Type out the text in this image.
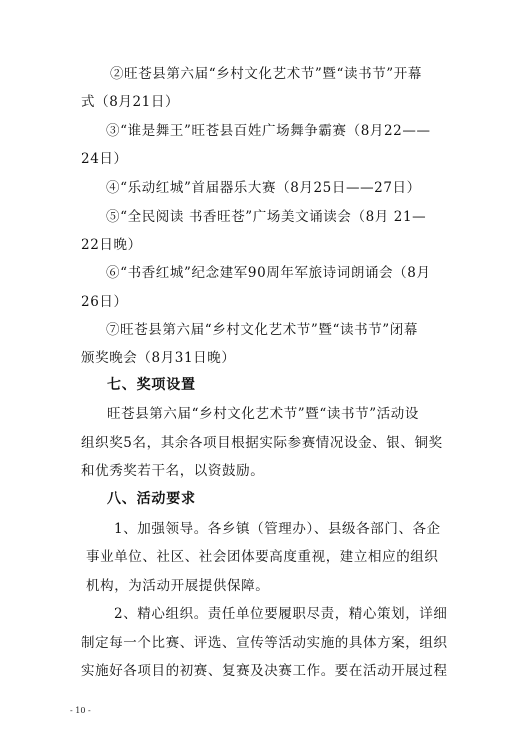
②旺苍县第六届“乡村文化艺术节”暨“读书节”开幕
式（8月21日）
③“谁是舞王”旺苍县百姓广场舞争霸赛（8月22——
24日）
④“乐动红城”首届器乐大赛（8月25日——27日）
⑤“全民阅读 书香旺苍”广场美文诵读会（8月 21—
22日晚）
⑥“书香红城”纪念建军90周年军旅诗词朗诵会（8月
26日）
⑦旺苍县第六届“乡村文化艺术节”暨“读书节”闭幕
颁奖晚会（8月31日晚）
七、奖项设置
旺苍县第六届“乡村文化艺术节”暨“读书节”活动设
组织奖5名，其余各项目根据实际参赛情况设金、银、铜奖
和优秀奖若干名，以资鼓励。
八、活动要求
1、加强领导。各乡镇（管理办）、县级各部门、各企
事业单位、社区、社会团体要高度重视，建立相应的组织
机构，为活动开展提供保障。
2、精心组织。责任单位要履职尽责，精心策划，详细
制定每一个比赛、评选、宣传等活动实施的具体方案，组织
实施好各项目的初赛、复赛及决赛工作。要在活动开展过程
- 10 -
